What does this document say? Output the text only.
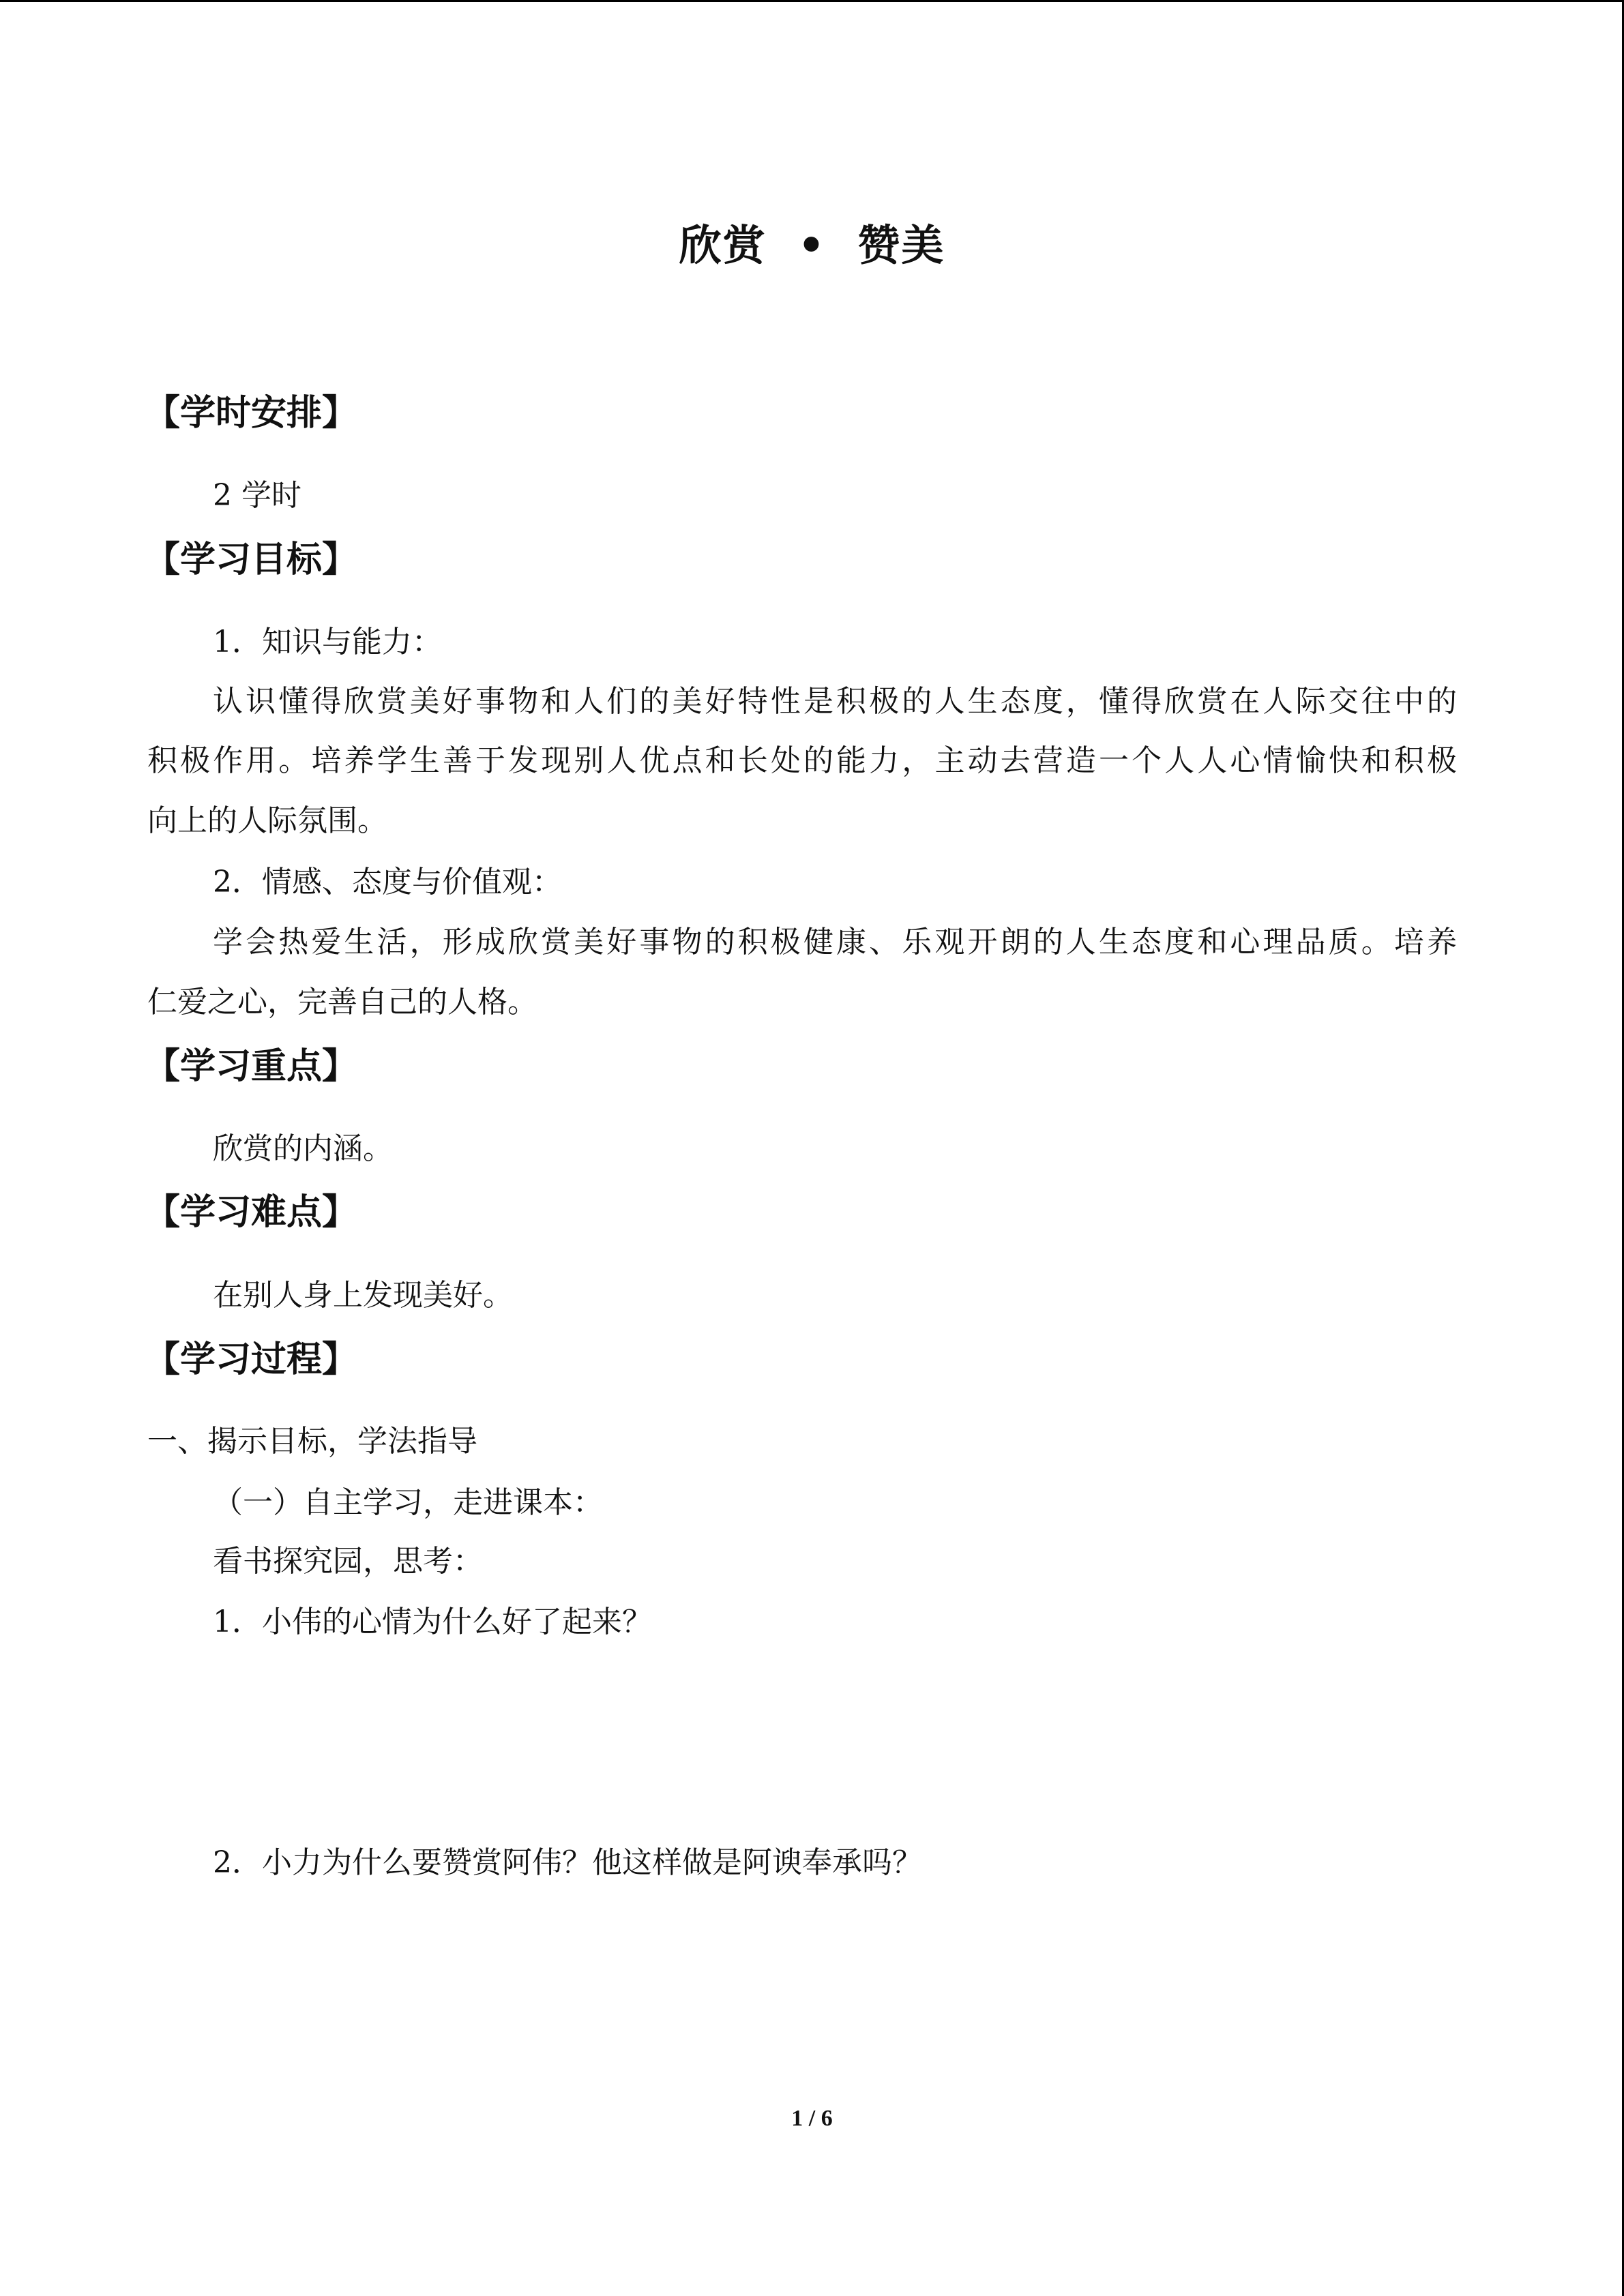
欣赏 • 赞美
【学时安排】
2 学时
【学习目标】
1．知识与能力：
认识懂得欣赏美好事物和人们的美好特性是积极的人生态度，懂得欣赏在人际交往中的
积极作用。培养学生善于发现别人优点和长处的能力，主动去营造一个人人心情愉快和积极
向上的人际氛围。
2．情感、态度与价值观：
学会热爱生活，形成欣赏美好事物的积极健康、乐观开朗的人生态度和心理品质。培养
仁爱之心，完善自己的人格。
【学习重点】
欣赏的内涵。
【学习难点】
在别人身上发现美好。
【学习过程】
一、揭示目标，学法指导
（一）自主学习，走进课本：
看书探究园，思考：
1．小伟的心情为什么好了起来？
2．小力为什么要赞赏阿伟？他这样做是阿谀奉承吗？
1 / 6
